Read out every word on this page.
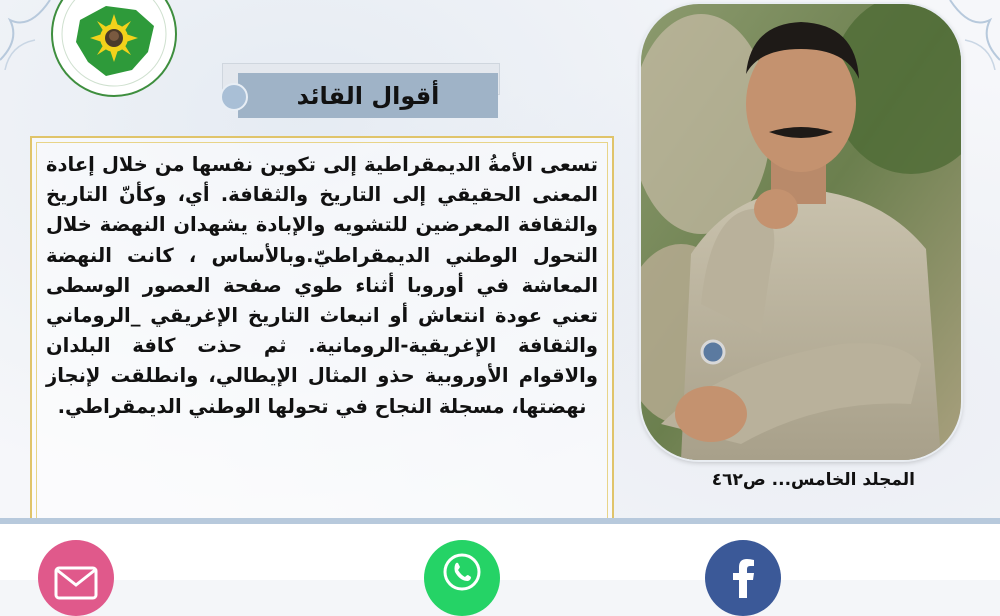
أقوال القائد
تسعى الأمةُ الديمقراطية إلى تكوين نفسها من خلال إعادة المعنى الحقيقي إلى التاريخ والثقافة. أي، وكأنّ التاريخ والثقافة المعرضين للتشويه والإبادة يشهدان النهضة خلال التحول الوطني الديمقراطيّ.وبالأساس ، كانت النهضة المعاشة في أوروبا أثناء طوي صفحة العصور الوسطى تعني عودة انتعاش أو انبعاث التاريخ الإغريقي _الروماني والثقافة الإغريقية-الرومانية. ثم حذت كافة البلدان والاقوام الأوروبية حذو المثال الإيطالي، وانطلقت لإنجاز نهضتها، مسجلة النجاح في تحولها الوطني الديمقراطي.
المجلد الخامس... ص٤٦٢
